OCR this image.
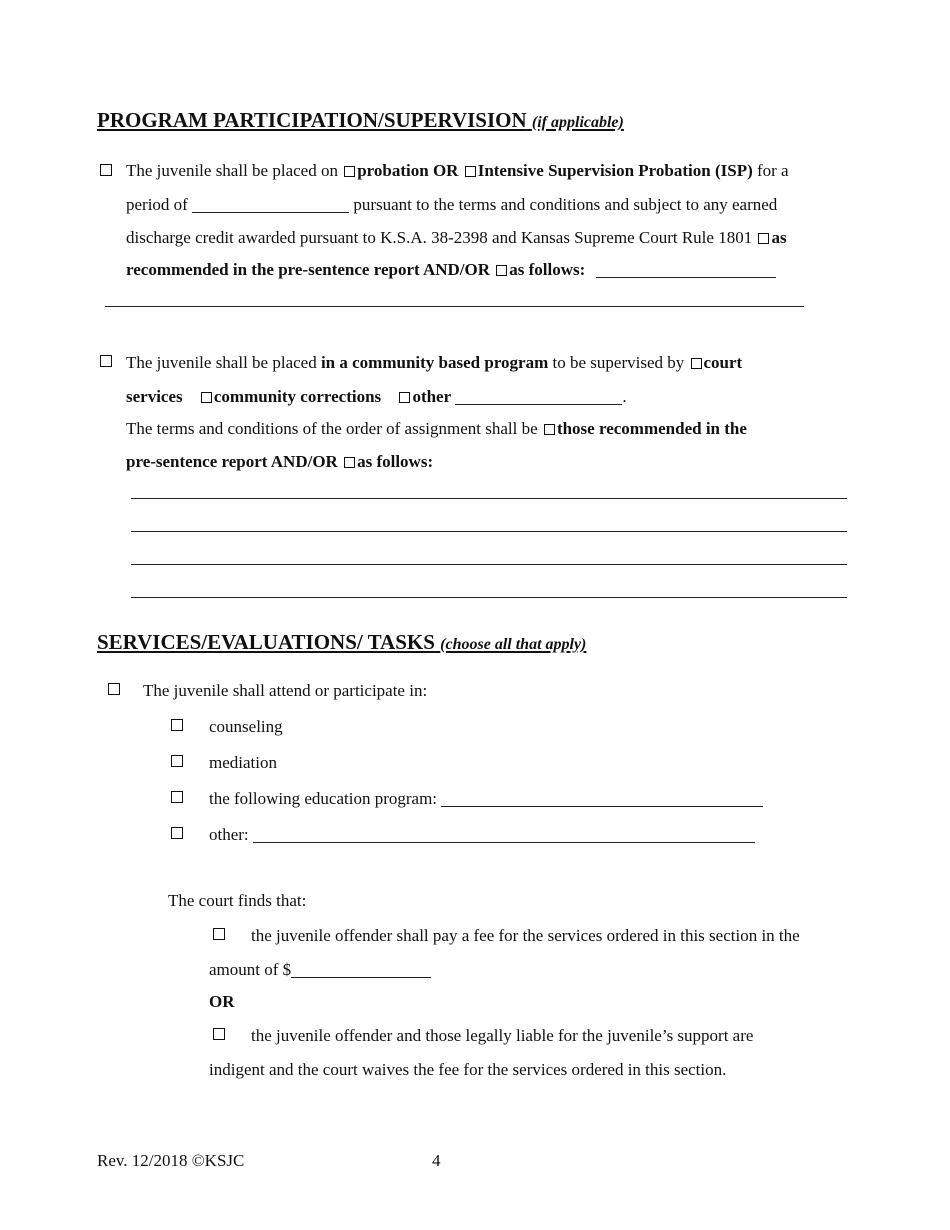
PROGRAM PARTICIPATION/SUPERVISION (if applicable)
The juvenile shall be placed on probation OR Intensive Supervision Probation (ISP) for a
period of	pursuant to the terms and conditions and subject to any earned
discharge credit awarded pursuant to K.S.A. 38-2398 and Kansas Supreme Court Rule 1801 as
recommended in the pre-sentence report AND/OR as follows:
The juvenile shall be placed in a community based program to be supervised by court
services community corrections other	.
The terms and conditions of the order of assignment shall be those recommended in the
pre-sentence report AND/OR as follows:
SERVICES/EVALUATIONS/ TASKS (choose all that apply)
The juvenile shall attend or participate in:
counseling
mediation
the following education program:
other:
The court finds that:
the juvenile offender shall pay a fee for the services ordered in this section in the
amount of $
OR
the juvenile offender and those legally liable for the juvenile’s support are
indigent and the court waives the fee for the services ordered in this section.
Rev. 12/2018 ©KSJC	4
